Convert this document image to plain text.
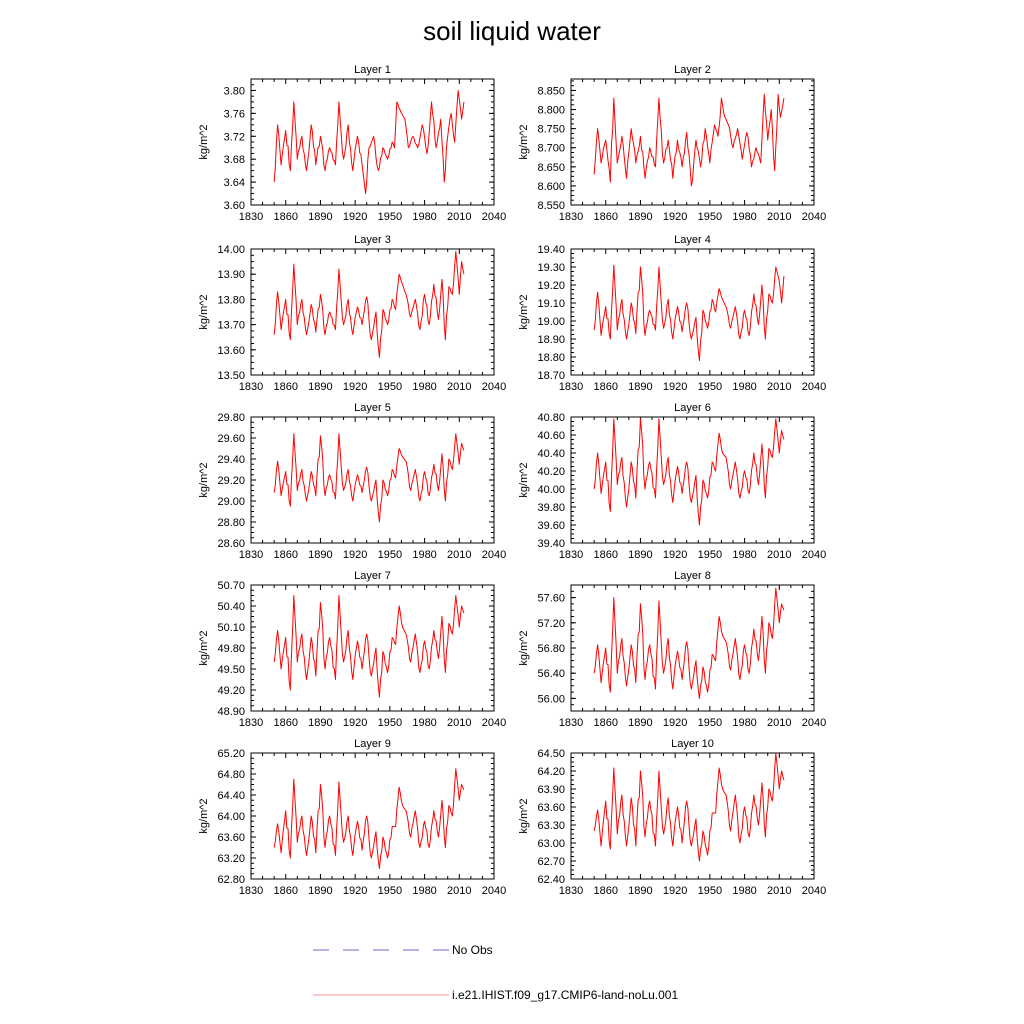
soil liquid water
Layer 1
1830 1860 1890 1920 1950 1980 2010 2040
3.60
3.64
3.68
3.72
3.76
3.80
kg/m^2
Layer 2
1830 1860 1890 1920 1950 1980 2010 2040
8.550
8.600
8.650
8.700
8.750
8.800
8.850
kg/m^2
Layer 3
1830 1860 1890 1920 1950 1980 2010 2040
13.50
13.60
13.70
13.80
13.90
14.00
kg/m^2
Layer 4
1830 1860 1890 1920 1950 1980 2010 2040
18.70
18.80
18.90
19.00
19.10
19.20
19.30
19.40
kg/m^2
Layer 5
1830 1860 1890 1920 1950 1980 2010 2040
28.60
28.80
29.00
29.20
29.40
29.60
29.80
kg/m^2
Layer 6
1830 1860 1890 1920 1950 1980 2010 2040
39.40
39.60
39.80
40.00
40.20
40.40
40.60
40.80
kg/m^2
Layer 7
1830 1860 1890 1920 1950 1980 2010 2040
48.90
49.20
49.50
49.80
50.10
50.40
50.70
kg/m^2
Layer 8
1830 1860 1890 1920 1950 1980 2010 2040
56.00
56.40
56.80
57.20
57.60
kg/m^2
Layer 9
1830 1860 1890 1920 1950 1980 2010 2040
62.80
63.20
63.60
64.00
64.40
64.80
65.20
kg/m^2
Layer 10
1830 1860 1890 1920 1950 1980 2010 2040
62.40
62.70
63.00
63.30
63.60
63.90
64.20
64.50
kg/m^2
No Obs
i.e21.IHIST.f09_g17.CMIP6-land-noLu.001
